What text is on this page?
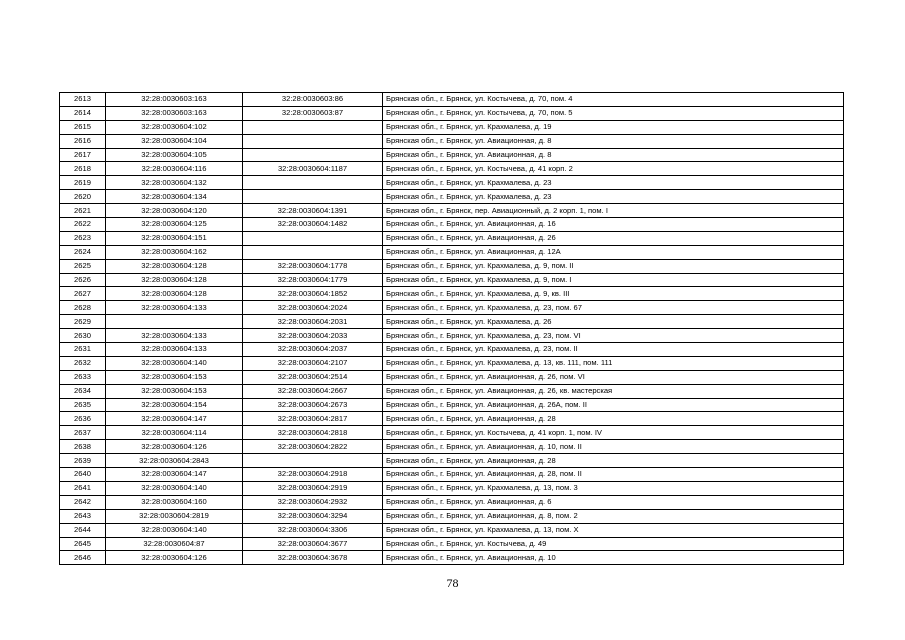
2613	32:28:0030603:163	32:28:0030603:86	Брянская обл., г. Брянск, ул. Костычева, д. 70, пом. 4
2614	32:28:0030603:163	32:28:0030603:87	Брянская обл., г. Брянск, ул. Костычева, д. 70, пом. 5
2615	32:28:0030604:102		Брянская обл., г. Брянск, ул. Крахмалева, д. 19
2616	32:28:0030604:104		Брянская обл., г. Брянск, ул. Авиационная, д. 8
2617	32:28:0030604:105		Брянская обл., г. Брянск, ул. Авиационная, д. 8
2618	32:28:0030604:116	32:28:0030604:1187	Брянская обл., г. Брянск, ул. Костычева, д. 41 корп. 2
2619	32:28:0030604:132		Брянская обл., г. Брянск, ул. Крахмалева, д. 23
2620	32:28:0030604:134		Брянская обл., г. Брянск, ул. Крахмалева, д. 23
2621	32:28:0030604:120	32:28:0030604:1391	Брянская обл., г. Брянск, пер. Авиационный, д. 2 корп. 1, пом. I
2622	32:28:0030604:125	32:28:0030604:1482	Брянская обл., г. Брянск, ул. Авиационная, д. 16
2623	32:28:0030604:151		Брянская обл., г. Брянск, ул. Авиационная, д. 26
2624	32:28:0030604:162		Брянская обл., г. Брянск, ул. Авиационная, д. 12А
2625	32:28:0030604:128	32:28:0030604:1778	Брянская обл., г. Брянск, ул. Крахмалева, д. 9, пом. II
2626	32:28:0030604:128	32:28:0030604:1779	Брянская обл., г. Брянск, ул. Крахмалева, д. 9, пом. I
2627	32:28:0030604:128	32:28:0030604:1852	Брянская обл., г. Брянск, ул. Крахмалева, д. 9, кв. III
2628	32:28:0030604:133	32:28:0030604:2024	Брянская обл., г. Брянск, ул. Крахмалева, д. 23, пом. 67
2629		32:28:0030604:2031	Брянская обл., г. Брянск, ул. Крахмалева, д. 26
2630	32:28:0030604:133	32:28:0030604:2033	Брянская обл., г. Брянск, ул. Крахмалева, д. 23, пом. VI
2631	32:28:0030604:133	32:28:0030604:2037	Брянская обл., г. Брянск, ул. Крахмалева, д. 23, пом. II
2632	32:28:0030604:140	32:28:0030604:2107	Брянская обл., г. Брянск, ул. Крахмалева, д. 13, кв. 111, пом. 111
2633	32:28:0030604:153	32:28:0030604:2514	Брянская обл., г. Брянск, ул. Авиационная, д. 26, пом. VI
2634	32:28:0030604:153	32:28:0030604:2667	Брянская обл., г. Брянск, ул. Авиационная, д. 26, кв. мастерская
2635	32:28:0030604:154	32:28:0030604:2673	Брянская обл., г. Брянск, ул. Авиационная, д. 26А, пом. II
2636	32:28:0030604:147	32:28:0030604:2817	Брянская обл., г. Брянск, ул. Авиационная, д. 28
2637	32:28:0030604:114	32:28:0030604:2818	Брянская обл., г. Брянск, ул. Костычева, д. 41 корп. 1, пом. IV
2638	32:28:0030604:126	32:28:0030604:2822	Брянская обл., г. Брянск, ул. Авиационная, д. 10, пом. II
2639	32:28:0030604:2843		Брянская обл., г. Брянск, ул. Авиационная, д. 28
2640	32:28:0030604:147	32:28:0030604:2918	Брянская обл., г. Брянск, ул. Авиационная, д. 28, пом. II
2641	32:28:0030604:140	32:28:0030604:2919	Брянская обл., г. Брянск, ул. Крахмалева, д. 13, пом. 3
2642	32:28:0030604:160	32:28:0030604:2932	Брянская обл., г. Брянск, ул. Авиационная, д. 6
2643	32:28:0030604:2819	32:28:0030604:3294	Брянская обл., г. Брянск, ул. Авиационная, д. 8, пом. 2
2644	32:28:0030604:140	32:28:0030604:3306	Брянская обл., г. Брянск, ул. Крахмалева, д. 13, пом. X
2645	32:28:0030604:87	32:28:0030604:3677	Брянская обл., г. Брянск, ул. Костычева, д. 49
2646	32:28:0030604:126	32:28:0030604:3678	Брянская обл., г. Брянск, ул. Авиационная, д. 10
78
